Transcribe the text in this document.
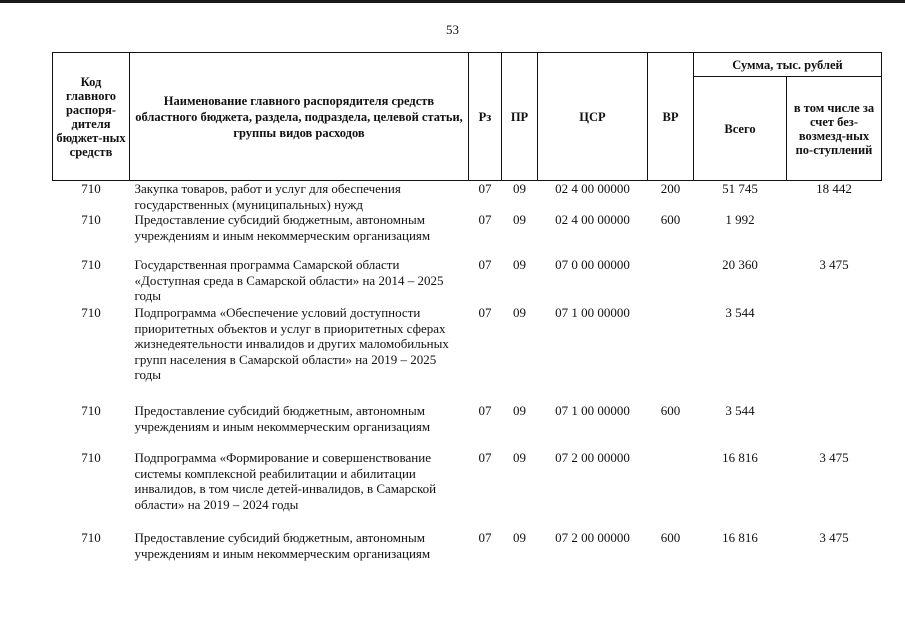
53
Код главного распоря-дителя бюджет-ных средств	Наименование главного распорядителя средств областного бюджета, раздела, подраздела, целевой статьи, группы видов расходов	Рз	ПР	ЦСР	ВР	Сумма, тыс. рублей	
						Всего	в том числе за счет без-возмезд-ных по-ступлений
710	Закупка товаров, работ и услуг для обеспечения государственных (муниципальных) нужд	07	09	02 4 00 00000	200	51 745	18 442
710	Предоставление субсидий бюджетным, автономным учреждениям и иным некоммерческим организациям	07	09	02 4 00 00000	600	1 992	
710	Государственная программа Самарской области «Доступная среда в Самарской области» на 2014 – 2025 годы	07	09	07 0 00 00000		20 360	3 475
710	Подпрограмма «Обеспечение условий доступности приоритетных объектов и услуг в приоритетных сферах жизнедеятельности инвалидов и других маломобильных групп населения в Самарской области» на 2019 – 2025 годы	07	09	07 1 00 00000		3 544	
710	Предоставление субсидий бюджетным, автономным учреждениям и иным некоммерческим организациям	07	09	07 1 00 00000	600	3 544	
710	Подпрограмма «Формирование и совершенствование системы комплексной реабилитации и абилитации инвалидов, в том числе детей-инвалидов, в Самарской области» на 2019 – 2024 годы	07	09	07 2 00 00000		16 816	3 475
710	Предоставление субсидий бюджетным, автономным учреждениям и иным некоммерческим организациям	07	09	07 2 00 00000	600	16 816	3 475
